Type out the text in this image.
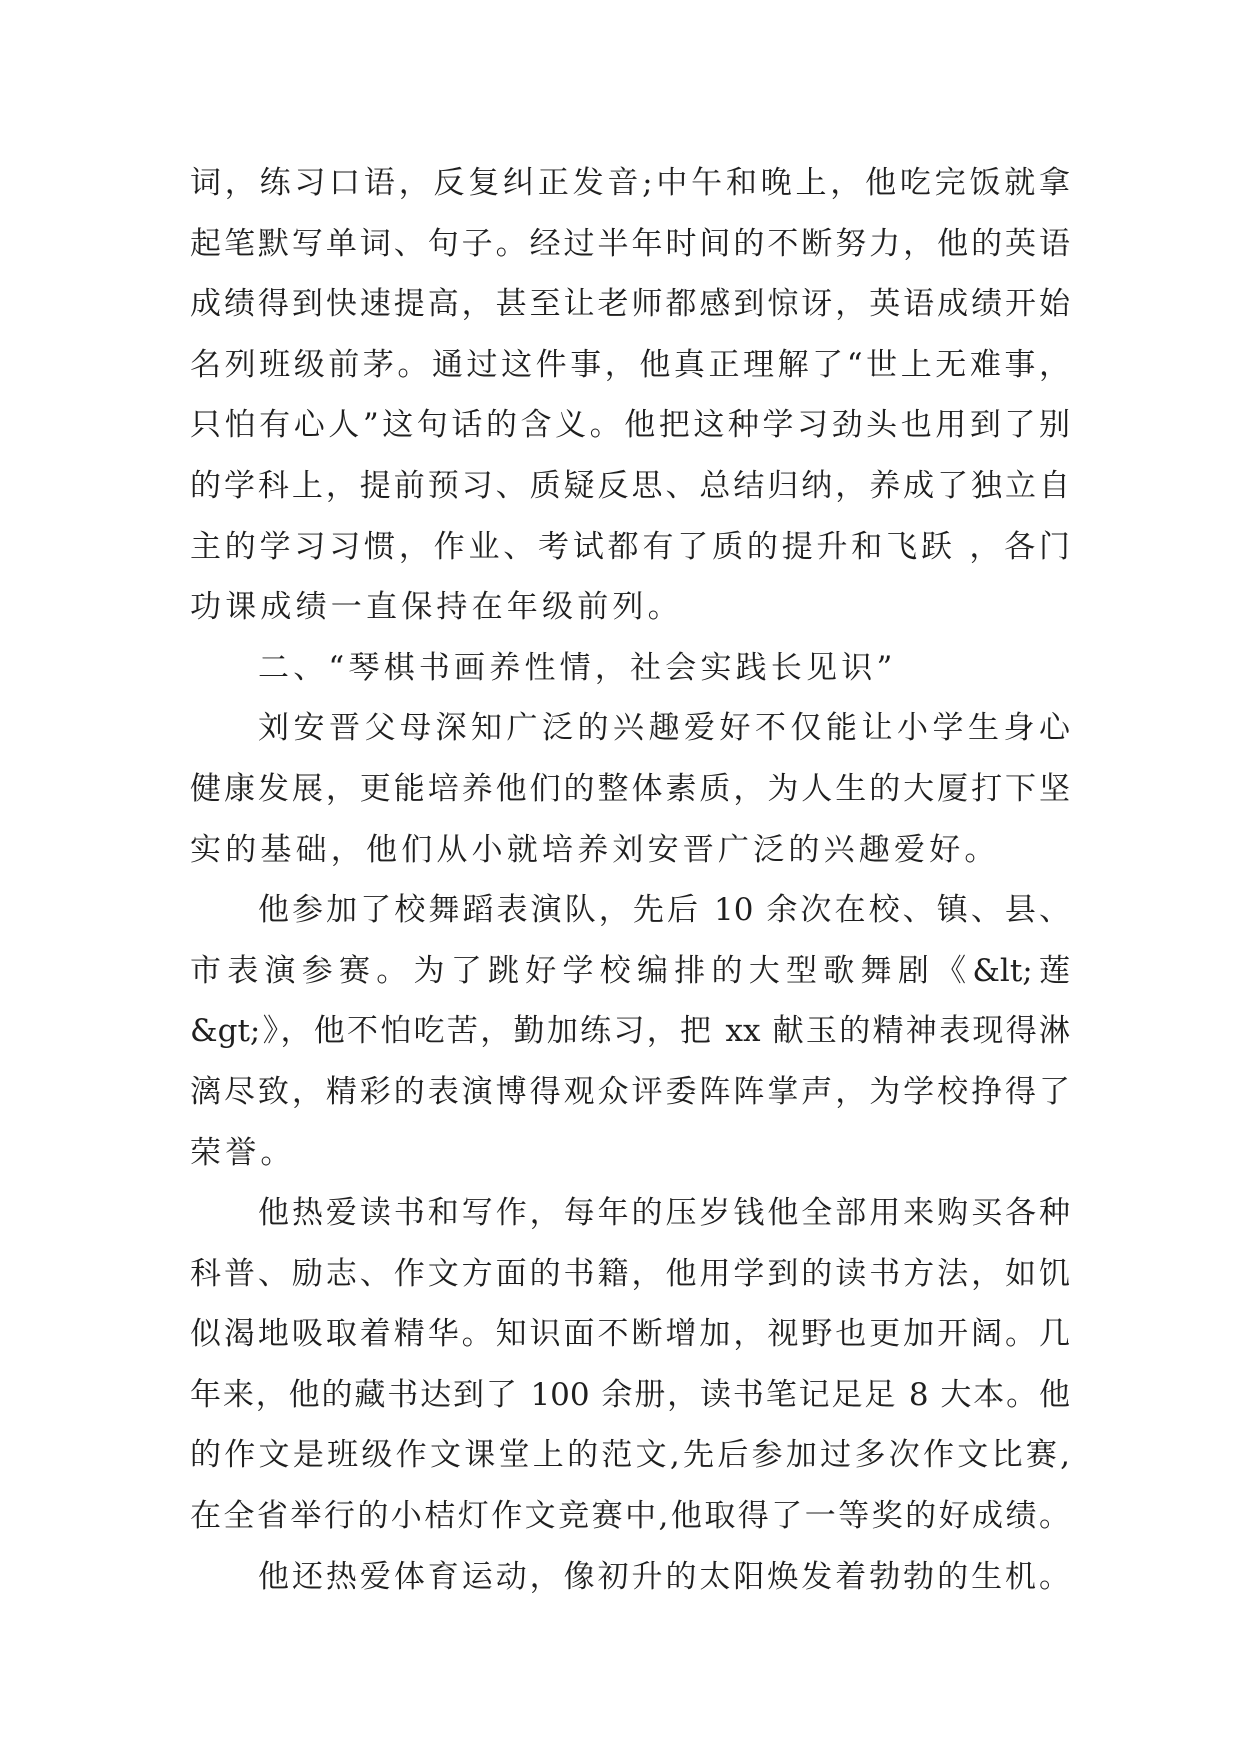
词，练习口语，反复纠正发音;中午和晚上，他吃完饭就拿
起笔默写单词、句子。经过半年时间的不断努力，他的英语
成绩得到快速提高，甚至让老师都感到惊讶，英语成绩开始
名列班级前茅。通过这件事，他真正理解了“世上无难事，
只怕有心人”这句话的含义。他把这种学习劲头也用到了别
的学科上，提前预习、质疑反思、总结归纳，养成了独立自
主的学习习惯，作业、考试都有了质的提升和飞跃 ，各门
功课成绩一直保持在年级前列。
二、“琴棋书画养性情，社会实践长见识”
刘安晋父母深知广泛的兴趣爱好不仅能让小学生身心
健康发展，更能培养他们的整体素质，为人生的大厦打下坚
实的基础，他们从小就培养刘安晋广泛的兴趣爱好。
他参加了校舞蹈表演队，先后 10 余次在校、镇、县、
市表演参赛。为了跳好学校编排的大型歌舞剧《&lt;莲
&gt;》，他不怕吃苦，勤加练习，把 xx 献玉的精神表现得淋
漓尽致，精彩的表演博得观众评委阵阵掌声，为学校挣得了
荣誉。
他热爱读书和写作，每年的压岁钱他全部用来购买各种
科普、励志、作文方面的书籍，他用学到的读书方法，如饥
似渴地吸取着精华。知识面不断增加，视野也更加开阔。几
年来，他的藏书达到了 100 余册，读书笔记足足 8 大本。他
的作文是班级作文课堂上的范文,先后参加过多次作文比赛,
在全省举行的小桔灯作文竞赛中,他取得了一等奖的好成绩。
他还热爱体育运动，像初升的太阳焕发着勃勃的生机。
